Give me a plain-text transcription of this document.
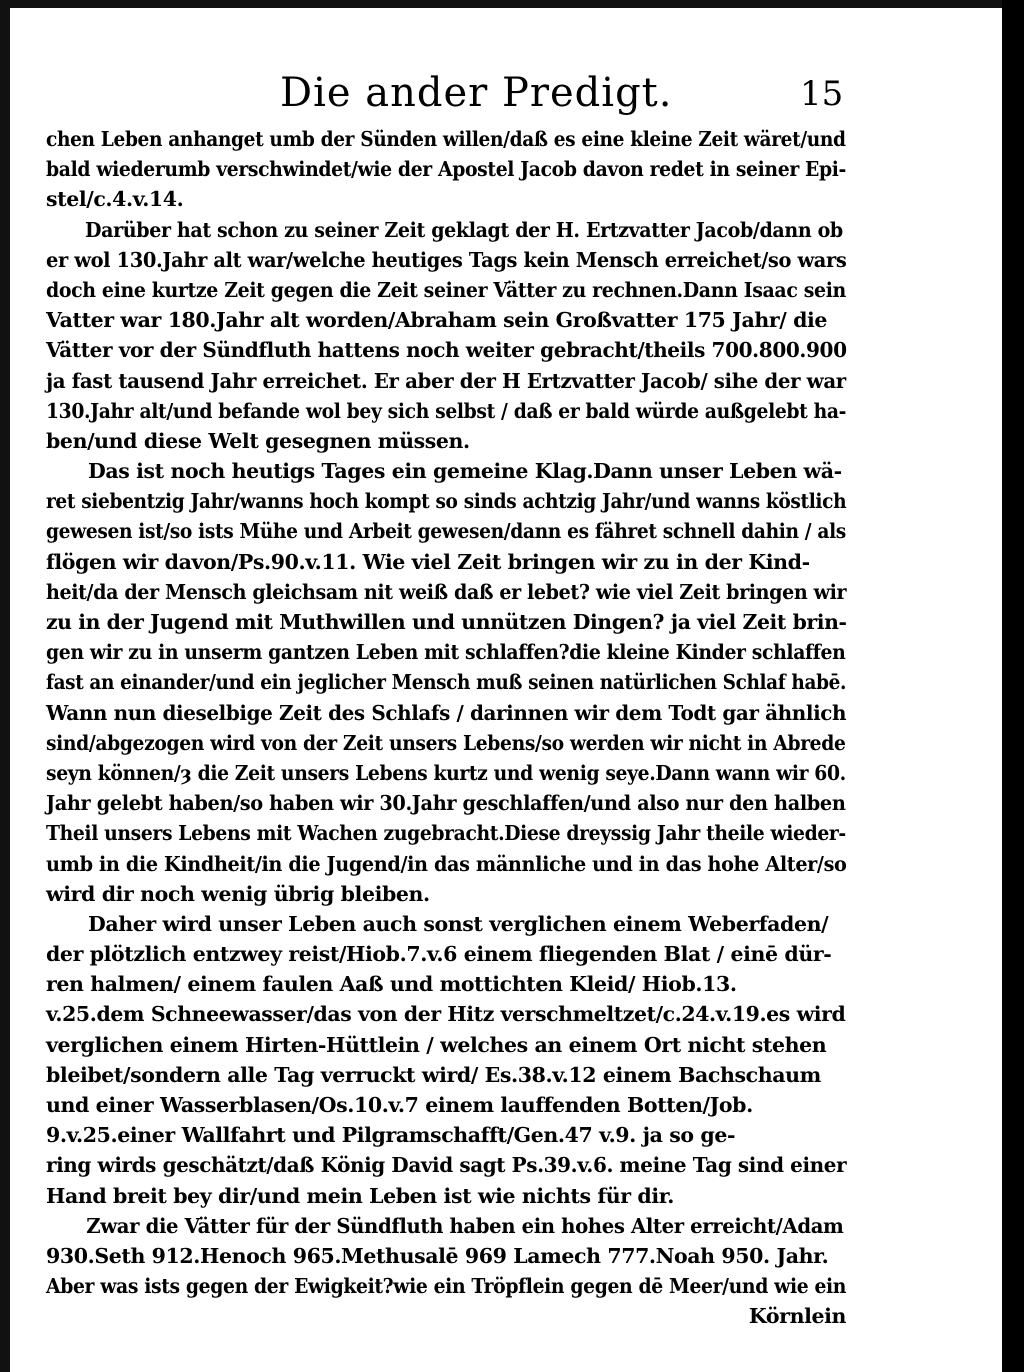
Die ander Predigt.	15
chen Leben anhanget umb der Sünden willen/daß es eine kleine Zeit wäret/und
bald wiederumb verschwindet/wie der Apostel Jacob davon redet in seiner Epi-
stel/c.4.v.14.
Darüber hat schon zu seiner Zeit geklagt der H. Ertzvatter Jacob/dann ob
er wol 130.Jahr alt war/welche heutiges Tags kein Mensch erreichet/so wars
doch eine kurtze Zeit gegen die Zeit seiner Vätter zu rechnen.Dann Isaac sein
Vatter war 180.Jahr alt worden/Abraham sein Großvatter 175 Jahr/ die
Vätter vor der Sündfluth hattens noch weiter gebracht/theils 700.800.900
ja fast tausend Jahr erreichet. Er aber der H Ertzvatter Jacob/ sihe der war
130.Jahr alt/und befande wol bey sich selbst / daß er bald würde außgelebt ha-
ben/und diese Welt gesegnen müssen.
Das ist noch heutigs Tages ein gemeine Klag.Dann unser Leben wä-
ret siebentzig Jahr/wanns hoch kompt so sinds achtzig Jahr/und wanns köstlich
gewesen ist/so ists Mühe und Arbeit gewesen/dann es fähret schnell dahin / als
flögen wir davon/Ps.90.v.11. Wie viel Zeit bringen wir zu in der Kind-
heit/da der Mensch gleichsam nit weiß daß er lebet? wie viel Zeit bringen wir
zu in der Jugend mit Muthwillen und unnützen Dingen? ja viel Zeit brin-
gen wir zu in unserm gantzen Leben mit schlaffen?die kleine Kinder schlaffen
fast an einander/und ein jeglicher Mensch muß seinen natürlichen Schlaf habē.
Wann nun dieselbige Zeit des Schlafs / darinnen wir dem Todt gar ähnlich
sind/abgezogen wird von der Zeit unsers Lebens/so werden wir nicht in Abrede
seyn können/ȝ die Zeit unsers Lebens kurtz und wenig seye.Dann wann wir 60.
Jahr gelebt haben/so haben wir 30.Jahr geschlaffen/und also nur den halben
Theil unsers Lebens mit Wachen zugebracht.Diese dreyssig Jahr theile wieder-
umb in die Kindheit/in die Jugend/in das männliche und in das hohe Alter/so
wird dir noch wenig übrig bleiben.
Daher wird unser Leben auch sonst verglichen einem Weberfaden/
der plötzlich entzwey reist/Hiob.7.v.6 einem fliegenden Blat / einē dür-
ren halmen/ einem faulen Aaß und mottichten Kleid/ Hiob.13.
v.25.dem Schneewasser/das von der Hitz verschmeltzet/c.24.v.19.es wird
verglichen einem Hirten-Hüttlein / welches an einem Ort nicht stehen
bleibet/sondern alle Tag verruckt wird/ Es.38.v.12 einem Bachschaum
und einer Wasserblasen/Os.10.v.7 einem lauffenden Botten/Job.
9.v.25.einer Wallfahrt und Pilgramschafft/Gen.47 v.9. ja so ge-
ring wirds geschätzt/daß König David sagt Ps.39.v.6. meine Tag sind einer
Hand breit bey dir/und mein Leben ist wie nichts für dir.
Zwar die Vätter für der Sündfluth haben ein hohes Alter erreicht/Adam
930.Seth 912.Henoch 965.Methusalē 969 Lamech 777.Noah 950. Jahr.
Aber was ists gegen der Ewigkeit?wie ein Tröpflein gegen dē Meer/und wie ein
Körnlein
